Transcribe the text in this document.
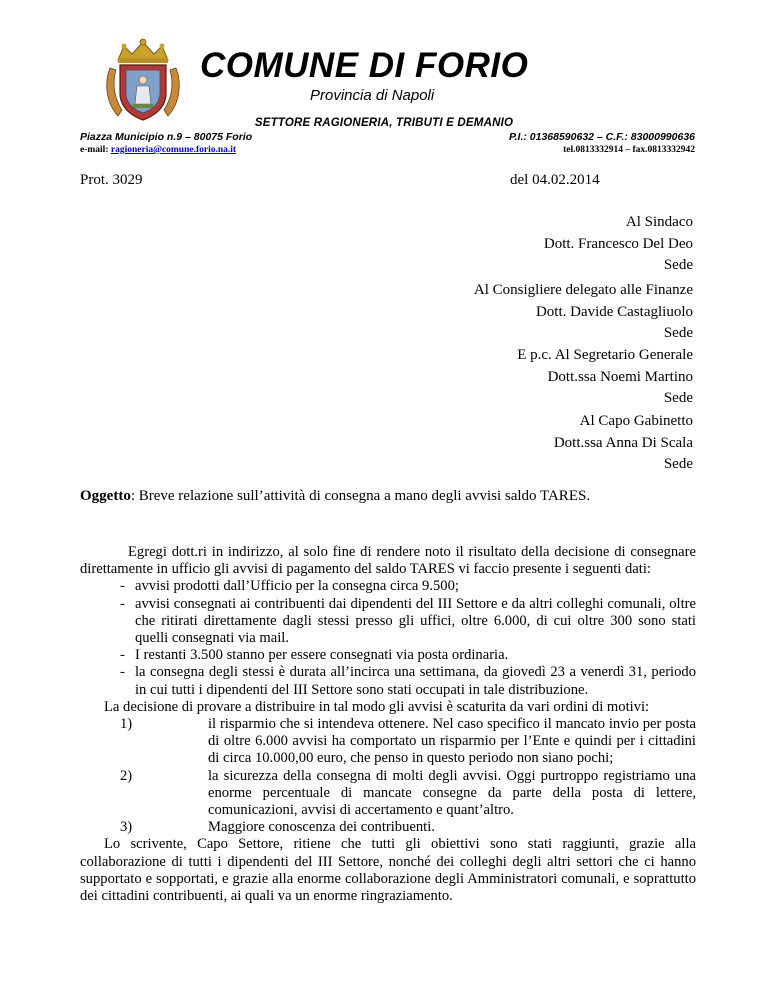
COMUNE DI FORIO
Provincia di Napoli
SETTORE RAGIONERIA, TRIBUTI E DEMANIO
Piazza Municipio n.9 – 80075 Forio	P.I.: 01368590632 – C.F.: 83000990636
e-mail: ragioneria@comune.forio.na.it	tel.0813332914 – fax.0813332942
Prot. 3029	del 04.02.2014
Al Sindaco
Dott. Francesco Del Deo
Sede
Al Consigliere delegato alle Finanze
Dott. Davide Castagliuolo
Sede
E p.c. Al Segretario Generale
Dott.ssa Noemi Martino
Sede
Al Capo Gabinetto
Dott.ssa Anna Di Scala
Sede
Oggetto: Breve relazione sull’attività di consegna a mano degli avvisi saldo TARES.

Egregi dott.ri in indirizzo, al solo fine di rendere noto il risultato della decisione di consegnare direttamente in ufficio gli avvisi di pagamento del saldo TARES vi faccio presente i seguenti dati:

- avvisi prodotti dall’Ufficio per la consegna circa 9.500;
- avvisi consegnati ai contribuenti dai dipendenti del III Settore e da altri colleghi comunali, oltre che ritirati direttamente dagli stessi presso gli uffici, oltre 6.000, di cui oltre 300 sono stati quelli consegnati via mail.
- I restanti 3.500 stanno per essere consegnati via posta ordinaria.
- la consegna degli stessi è durata all’incirca una settimana, da giovedì 23 a venerdì 31, periodo in cui tutti i dipendenti del III Settore sono stati occupati in tale distribuzione.

La decisione di provare a distribuire in tal modo gli avvisi è scaturita da vari ordini di motivi:

1)	il risparmio che si intendeva ottenere. Nel caso specifico il mancato invio per posta di oltre 6.000 avvisi ha comportato un risparmio per l’Ente e quindi per i cittadini di circa 10.000,00 euro, che penso in questo periodo non siano pochi;
2)	la sicurezza della consegna di molti degli avvisi. Oggi purtroppo registriamo una enorme percentuale di mancate consegne da parte della posta di lettere, comunicazioni, avvisi di accertamento e quant’altro.
3)	Maggiore conoscenza dei contribuenti.

Lo scrivente, Capo Settore, ritiene che tutti gli obiettivi sono stati raggiunti, grazie alla collaborazione di tutti i dipendenti del III Settore, nonché dei colleghi degli altri settori che ci hanno supportato e sopportati, e grazie alla enorme collaborazione degli Amministratori comunali, e soprattutto dei cittadini contribuenti, ai quali va un enorme ringraziamento.
